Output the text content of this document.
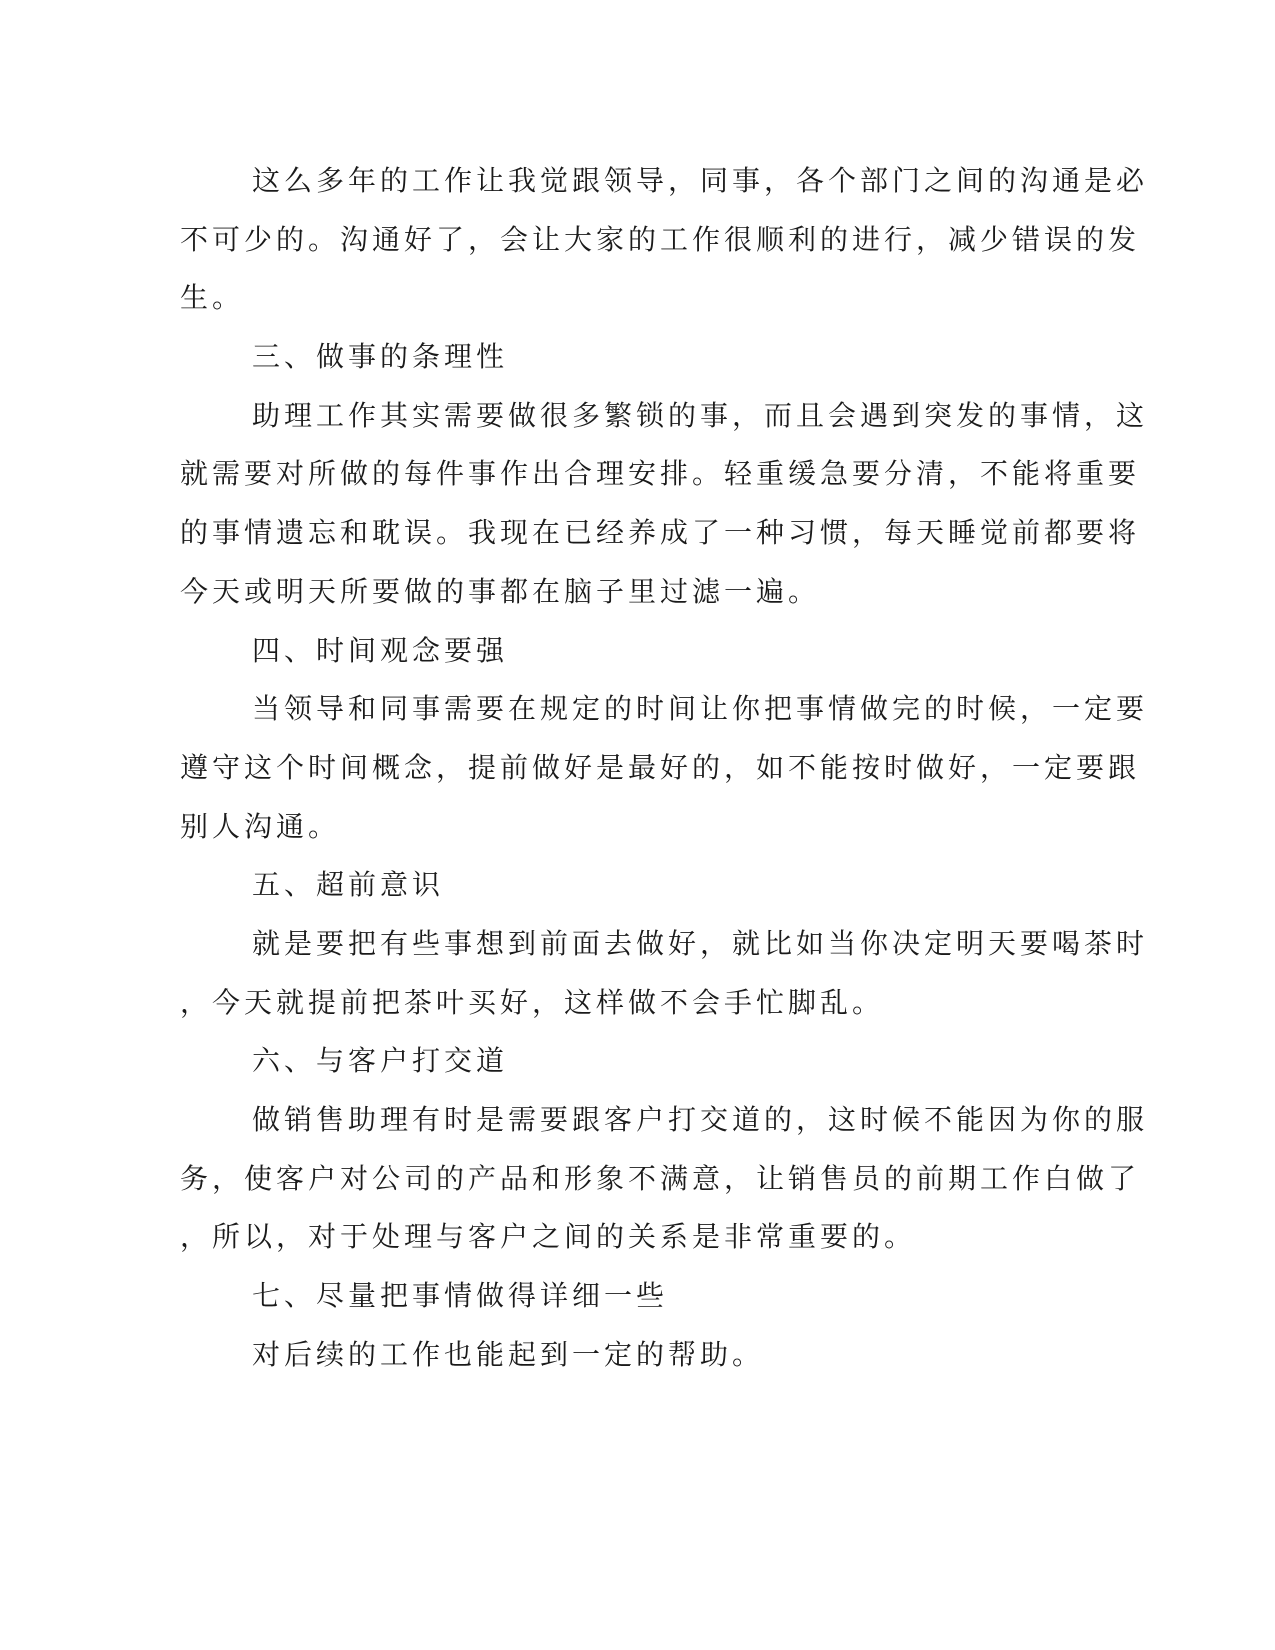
这么多年的工作让我觉跟领导，同事，各个部门之间的沟通是必
不可少的。沟通好了，会让大家的工作很顺利的进行，减少错误的发
生。
三、做事的条理性
助理工作其实需要做很多繁锁的事，而且会遇到突发的事情，这
就需要对所做的每件事作出合理安排。轻重缓急要分清，不能将重要
的事情遗忘和耽误。我现在已经养成了一种习惯，每天睡觉前都要将
今天或明天所要做的事都在脑子里过滤一遍。
四、时间观念要强
当领导和同事需要在规定的时间让你把事情做完的时候，一定要
遵守这个时间概念，提前做好是最好的，如不能按时做好，一定要跟
别人沟通。
五、超前意识
就是要把有些事想到前面去做好，就比如当你决定明天要喝茶时
，今天就提前把茶叶买好，这样做不会手忙脚乱。
六、与客户打交道
做销售助理有时是需要跟客户打交道的，这时候不能因为你的服
务，使客户对公司的产品和形象不满意，让销售员的前期工作白做了
，所以，对于处理与客户之间的关系是非常重要的。
七、尽量把事情做得详细一些
对后续的工作也能起到一定的帮助。
